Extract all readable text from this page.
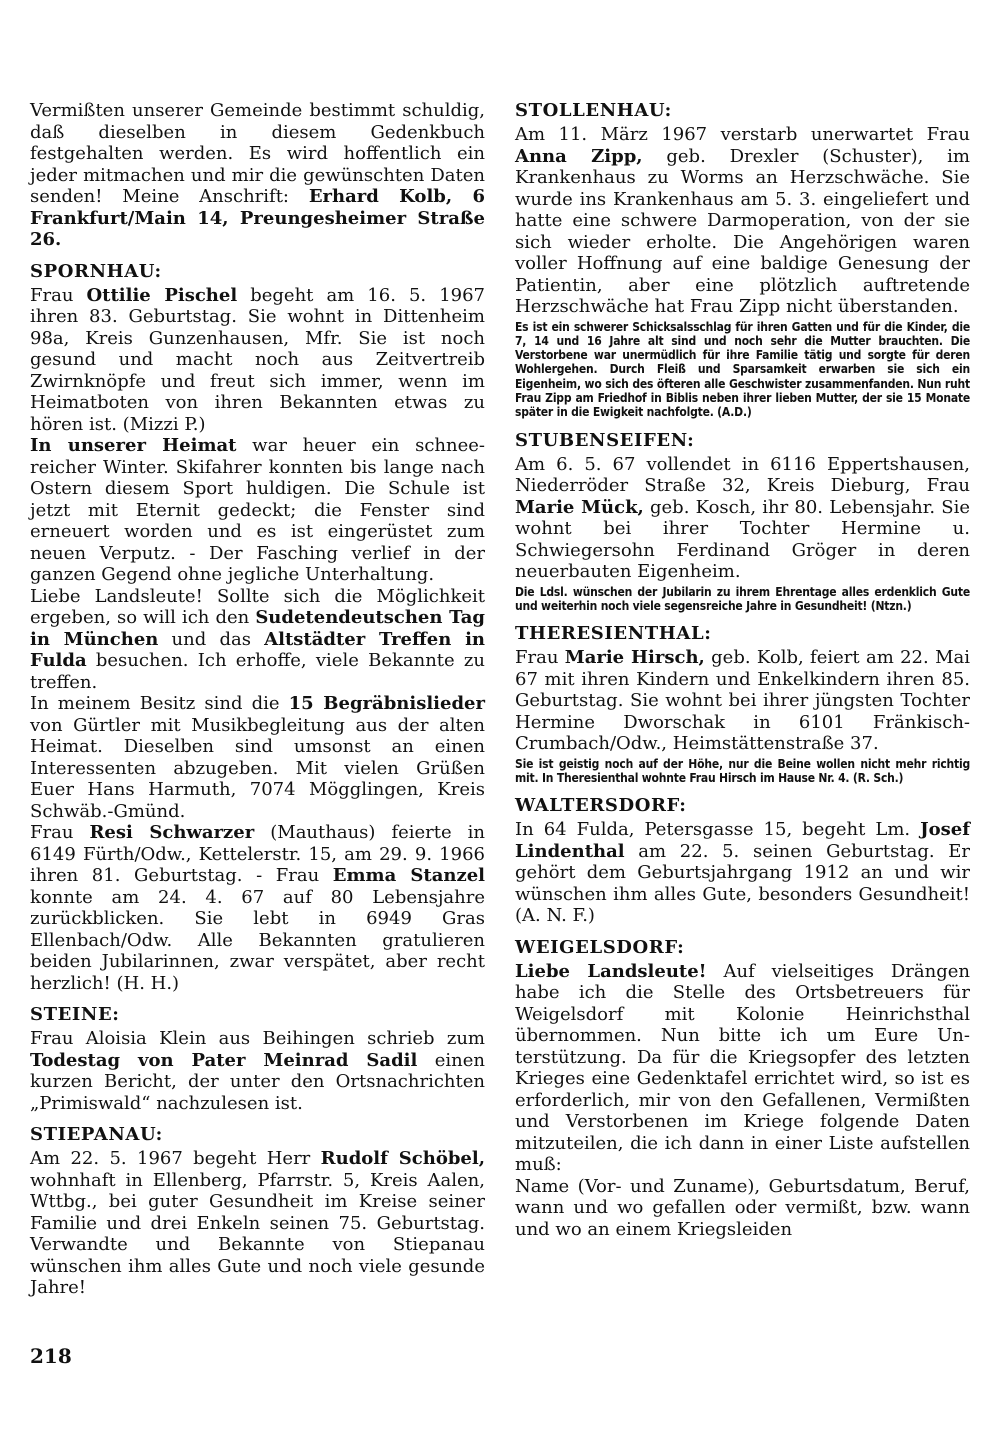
Vermißten unserer Gemeinde bestimmt schuldig, daß dieselben in diesem Gedenkbuch festgehalten werden. Es wird hoffentlich ein jeder mitmachen und mir die gewünschten Daten senden! Meine Anschrift: Erhard Kolb, 6 Frankfurt/Main 14, Preungesheimer Straße 26.

SPORNHAU:

Frau Ottilie Pischel begeht am 16. 5. 1967 ihren 83. Geburtstag. Sie wohnt in Dittenheim 98a, Kreis Gunzenhausen, Mfr. Sie ist noch gesund und macht noch aus Zeitvertreib Zwirnknöpfe und freut sich immer, wenn im Heimatboten von ihren Bekannten etwas zu hören ist. (Mizzi P.)

In unserer Heimat war heuer ein schneereicher Winter. Skifahrer konnten bis lange nach Ostern diesem Sport huldigen. Die Schule ist jetzt mit Eternit gedeckt; die Fenster sind erneuert worden und es ist eingerüstet zum neuen Verputz. - Der Fasching verlief in der ganzen Gegend ohne jegliche Unterhaltung.

Liebe Landsleute! Sollte sich die Möglichkeit ergeben, so will ich den Sudetendeutschen Tag in München und das Altstädter Treffen in Fulda besuchen. Ich erhoffe, viele Bekannte zu treffen.

In meinem Besitz sind die 15 Begräbnislieder von Gürtler mit Musikbegleitung aus der alten Heimat. Dieselben sind umsonst an einen Interessenten abzugeben. Mit vielen Grüßen Euer Hans Harmuth, 7074 Mögglingen, Kreis Schwäb.-Gmünd.

Frau Resi Schwarzer (Mauthaus) feierte in 6149 Fürth/Odw., Kettelerstr. 15, am 29. 9. 1966 ihren 81. Geburtstag. - Frau Emma Stanzel konnte am 24. 4. 67 auf 80 Lebensjahre zurückblicken. Sie lebt in 6949 Gras Ellenbach/Odw. Alle Bekannten gratulieren beiden Jubilarinnen, zwar verspätet, aber recht herzlich! (H. H.)

STEINE:

Frau Aloisia Klein aus Beihingen schrieb zum Todestag von Pater Meinrad Sadil einen kurzen Bericht, der unter den Ortsnachrichten „Primiswald“ nachzulesen ist.

STIEPANAU:

Am 22. 5. 1967 begeht Herr Rudolf Schöbel, wohnhaft in Ellenberg, Pfarrstr. 5, Kreis Aalen, Wttbg., bei guter Gesundheit im Kreise seiner Familie und drei Enkeln seinen 75. Geburtstag. Verwandte und Bekannte von Stiepanau wünschen ihm alles Gute und noch viele gesunde Jahre!

STOLLENHAU:

Am 11. März 1967 verstarb unerwartet Frau Anna Zipp, geb. Drexler (Schuster), im Krankenhaus zu Worms an Herzschwäche. Sie wurde ins Krankenhaus am 5. 3. eingeliefert und hatte eine schwere Darmoperation, von der sie sich wieder erholte. Die Angehörigen waren voller Hoffnung auf eine baldige Genesung der Patientin, aber eine plötzlich auftretende Herzschwäche hat Frau Zipp nicht überstanden.

Es ist ein schwerer Schicksalsschlag für ihren Gatten und für die Kinder, die 7, 14 und 16 Jahre alt sind und noch sehr die Mutter brauchten. Die Verstorbene war unermüdlich für ihre Familie tätig und sorgte für deren Wohlergehen. Durch Fleiß und Sparsamkeit erwarben sie sich ein Eigenheim, wo sich des öfteren alle Geschwister zusammenfanden. Nun ruht Frau Zipp am Friedhof in Biblis neben ihrer lieben Mutter, der sie 15 Monate später in die Ewigkeit nachfolgte. (A.D.)

STUBENSEIFEN:

Am 6. 5. 67 vollendet in 6116 Eppertshausen, Niederröder Straße 32, Kreis Dieburg, Frau Marie Mück, geb. Kosch, ihr 80. Lebensjahr. Sie wohnt bei ihrer Tochter Hermine u. Schwiegersohn Ferdinand Gröger in deren neuerbauten Eigenheim.

Die Ldsl. wünschen der Jubilarin zu ihrem Ehrentage alles erdenklich Gute und weiterhin noch viele segensreiche Jahre in Gesundheit! (Ntzn.)

THERESIENTHAL:

Frau Marie Hirsch, geb. Kolb, feiert am 22. Mai 67 mit ihren Kindern und Enkelkindern ihren 85. Geburtstag. Sie wohnt bei ihrer jüngsten Tochter Hermine Dworschak in 6101 Fränkisch-Crumbach/Odw., Heimstättenstraße 37.

Sie ist geistig noch auf der Höhe, nur die Beine wollen nicht mehr richtig mit. In Theresienthal wohnte Frau Hirsch im Hause Nr. 4. (R. Sch.)

WALTERSDORF:

In 64 Fulda, Petersgasse 15, begeht Lm. Josef Lindenthal am 22. 5. seinen Geburtstag. Er gehört dem Geburtsjahrgang 1912 an und wir wünschen ihm alles Gute, besonders Gesundheit! (A. N. F.)

WEIGELSDORF:

Liebe Landsleute! Auf vielseitiges Drängen habe ich die Stelle des Ortsbetreuers für Weigelsdorf mit Kolonie Heinrichsthal übernommen. Nun bitte ich um Eure Unterstützung. Da für die Kriegsopfer des letzten Krieges eine Gedenktafel errichtet wird, so ist es erforderlich, mir von den Gefallenen, Vermißten und Verstorbenen im Kriege folgende Daten mitzuteilen, die ich dann in einer Liste aufstellen muß:

Name (Vor- und Zuname), Geburtsdatum, Beruf, wann und wo gefallen oder vermißt, bzw. wann und wo an einem Kriegsleiden

218
